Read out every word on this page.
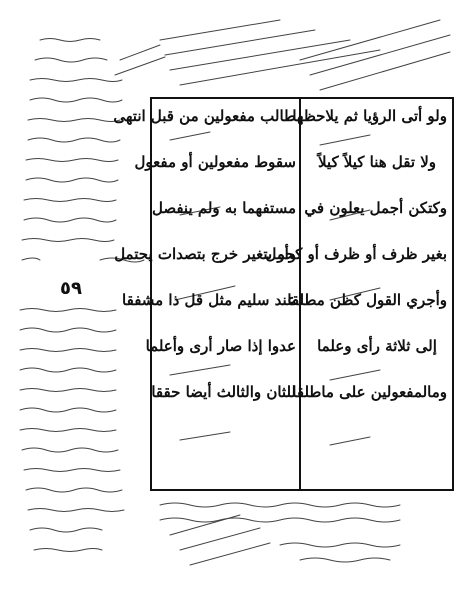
ولو أتى الرؤيا ثم يلاحظها
ولا تقل هنا كيلاً كيلاً
وكتكن أجمل يعلون في
بغير ظرف أو ظرف أو كحمل
وأجري القول كظن مطلقا
إلى ثلاثة رأى وعلما
ومالمفعولين على ماطلقا
طالب مفعولين من قبل انتهى
سقوط مفعولين أو مفعول
مستفهما به ولم ينفصل
وأو بتغير خرج بتصدات يحتمل
عند سليم مثل قل ذا مشفقا
عدوا إذا صار أرى وأعلما
للثان والثالث أيضا حققا
٥٩
